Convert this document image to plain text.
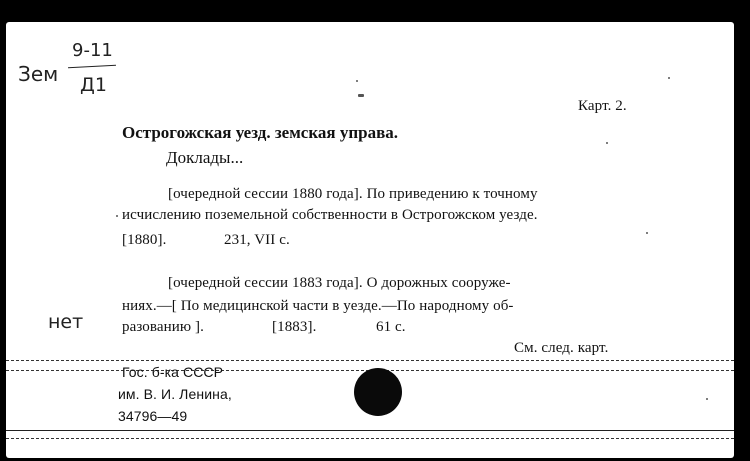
Зем
9-11
Д1
Карт. 2.
Острогожская уезд. земская управа.
Доклады...
[очередной сессии 1880 года]. По приведению к точному
исчислению поземельной собственности в Острогожском уезде.
[1880].	231, VII с.
[очередной сессии 1883 года]. О дорожных сооруже-
ниях.—[ По медицинской части в уезде.—По народному об-
разованию ].	[1883].	61 с.
нет
См. след. карт.
Гос. б-ка СССР
им. В. И. Ленина,
34796—49
